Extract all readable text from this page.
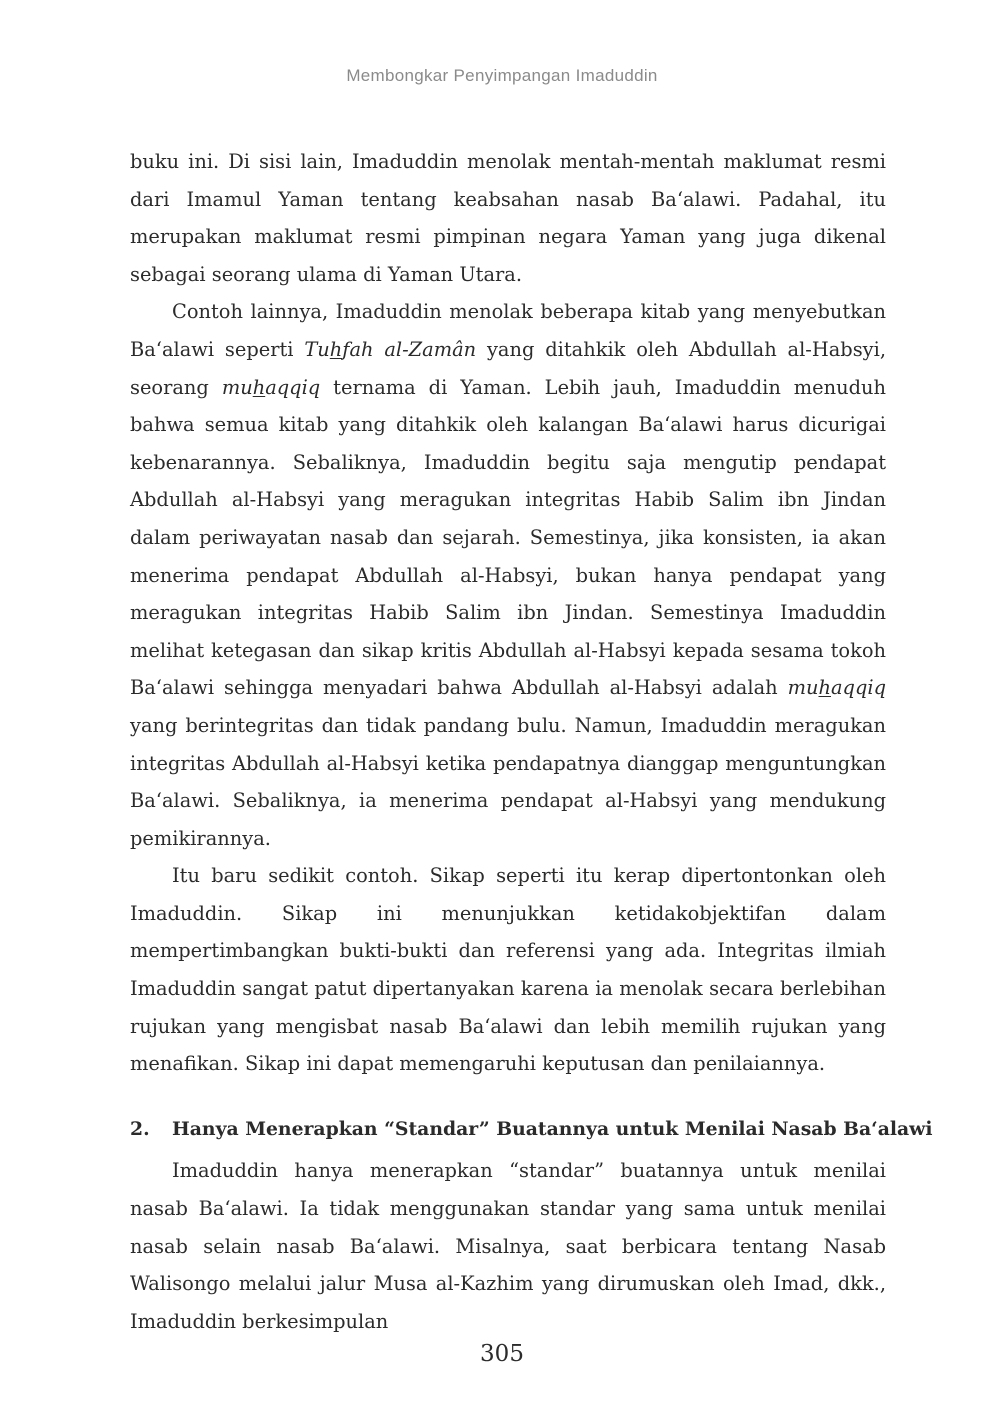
Membongkar Penyimpangan Imaduddin

buku ini. Di sisi lain, Imaduddin menolak mentah-mentah maklumat resmi dari Imamul Yaman tentang keabsahan nasab Ba‘alawi. Padahal, itu merupakan maklumat resmi pimpinan negara Yaman yang juga dikenal sebagai seorang ulama di Yaman Utara.

Contoh lainnya, Imaduddin menolak beberapa kitab yang menyebutkan Ba‘alawi seperti Tuhfah al-Zamân yang ditahkik oleh Abdullah al-Habsyi, seorang muhaqqiq ternama di Yaman. Lebih jauh, Imaduddin menuduh bahwa semua kitab yang ditahkik oleh kalangan Ba‘alawi harus dicurigai kebenarannya. Sebaliknya, Imaduddin begitu saja mengutip pendapat Abdullah al-Habsyi yang meragukan integritas Habib Salim ibn Jindan dalam periwayatan nasab dan sejarah. Semestinya, jika konsisten, ia akan menerima pendapat Abdullah al-Habsyi, bukan hanya pendapat yang meragukan integritas Habib Salim ibn Jindan. Semestinya Imaduddin melihat ketegasan dan sikap kritis Abdullah al-Habsyi kepada sesama tokoh Ba‘alawi sehingga menyadari bahwa Abdullah al-Habsyi adalah muhaqqiq yang berintegritas dan tidak pandang bulu. Namun, Imaduddin meragukan integritas Abdullah al-Habsyi ketika pendapatnya dianggap menguntungkan Ba‘alawi. Sebaliknya, ia menerima pendapat al-Habsyi yang mendukung pemikirannya.

Itu baru sedikit contoh. Sikap seperti itu kerap dipertontonkan oleh Imaduddin. Sikap ini menunjukkan ketidakobjektifan dalam mempertimbangkan bukti-bukti dan referensi yang ada. Integritas ilmiah Imaduddin sangat patut dipertanyakan karena ia menolak secara berlebihan rujukan yang mengisbat nasab Ba‘alawi dan lebih memilih rujukan yang menafikan. Sikap ini dapat memengaruhi keputusan dan penilaiannya.

2.	Hanya Menerapkan “Standar” Buatannya untuk Menilai Nasab Ba‘alawi

Imaduddin hanya menerapkan “standar” buatannya untuk menilai nasab Ba‘alawi. Ia tidak menggunakan standar yang sama untuk menilai nasab selain nasab Ba‘alawi. Misalnya, saat berbicara tentang Nasab Walisongo melalui jalur Musa al-Kazhim yang dirumuskan oleh Imad, dkk., Imaduddin berkesimpulan

305
